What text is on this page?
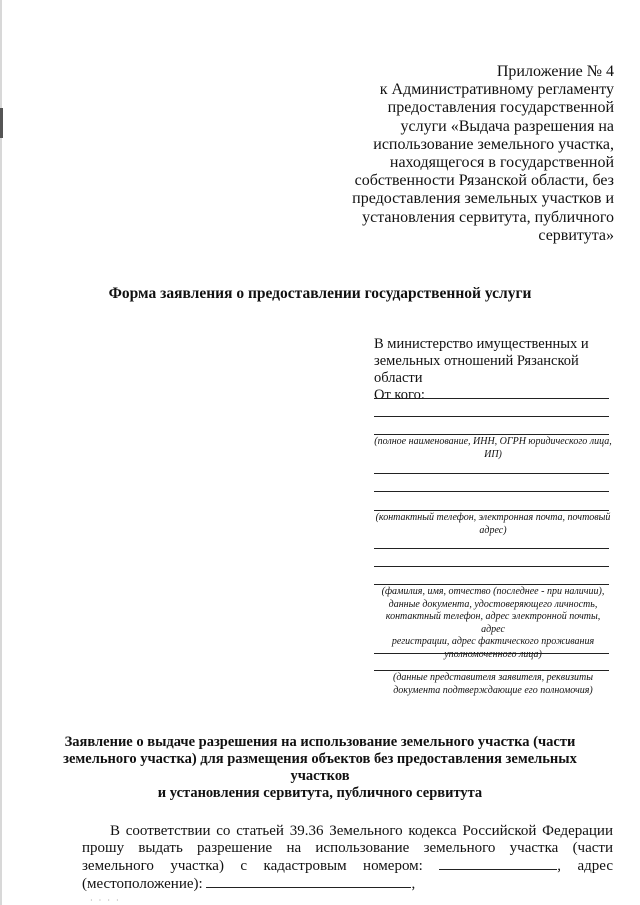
Приложение № 4
к Административному регламенту
предоставления государственной
услуги «Выдача разрешения на
использование земельного участка,
находящегося в государственной
собственности Рязанской области, без
предоставления земельных участков и
установления сервитута, публичного
сервитута»
Форма заявления о предоставлении государственной услуги
В министерство имущественных и
земельных отношений Рязанской области
От кого:
(полное наименование, ИНН, ОГРН юридического лица,
ИП)
(контактный телефон, электронная почта, почтовый
адрес)
(фамилия, имя, отчество (последнее - при наличии),
данные документа, удостоверяющего личность,
контактный телефон, адрес электронной почты, адрес
регистрации, адрес фактического проживания
уполномоченного лица)
(данные представителя заявителя, реквизиты
документа подтверждающие его полномочия)
Заявление о выдаче разрешения на использование земельного участка (части
земельного участка) для размещения объектов без предоставления земельных участков
и установления сервитута, публичного сервитута

В соответствии со статьей 39.36 Земельного кодекса Российской Федерации прошу выдать разрешение на использование земельного участка (части земельного участка) с кадастровым номером:	, адрес (местоположение):	,

· · · ·
